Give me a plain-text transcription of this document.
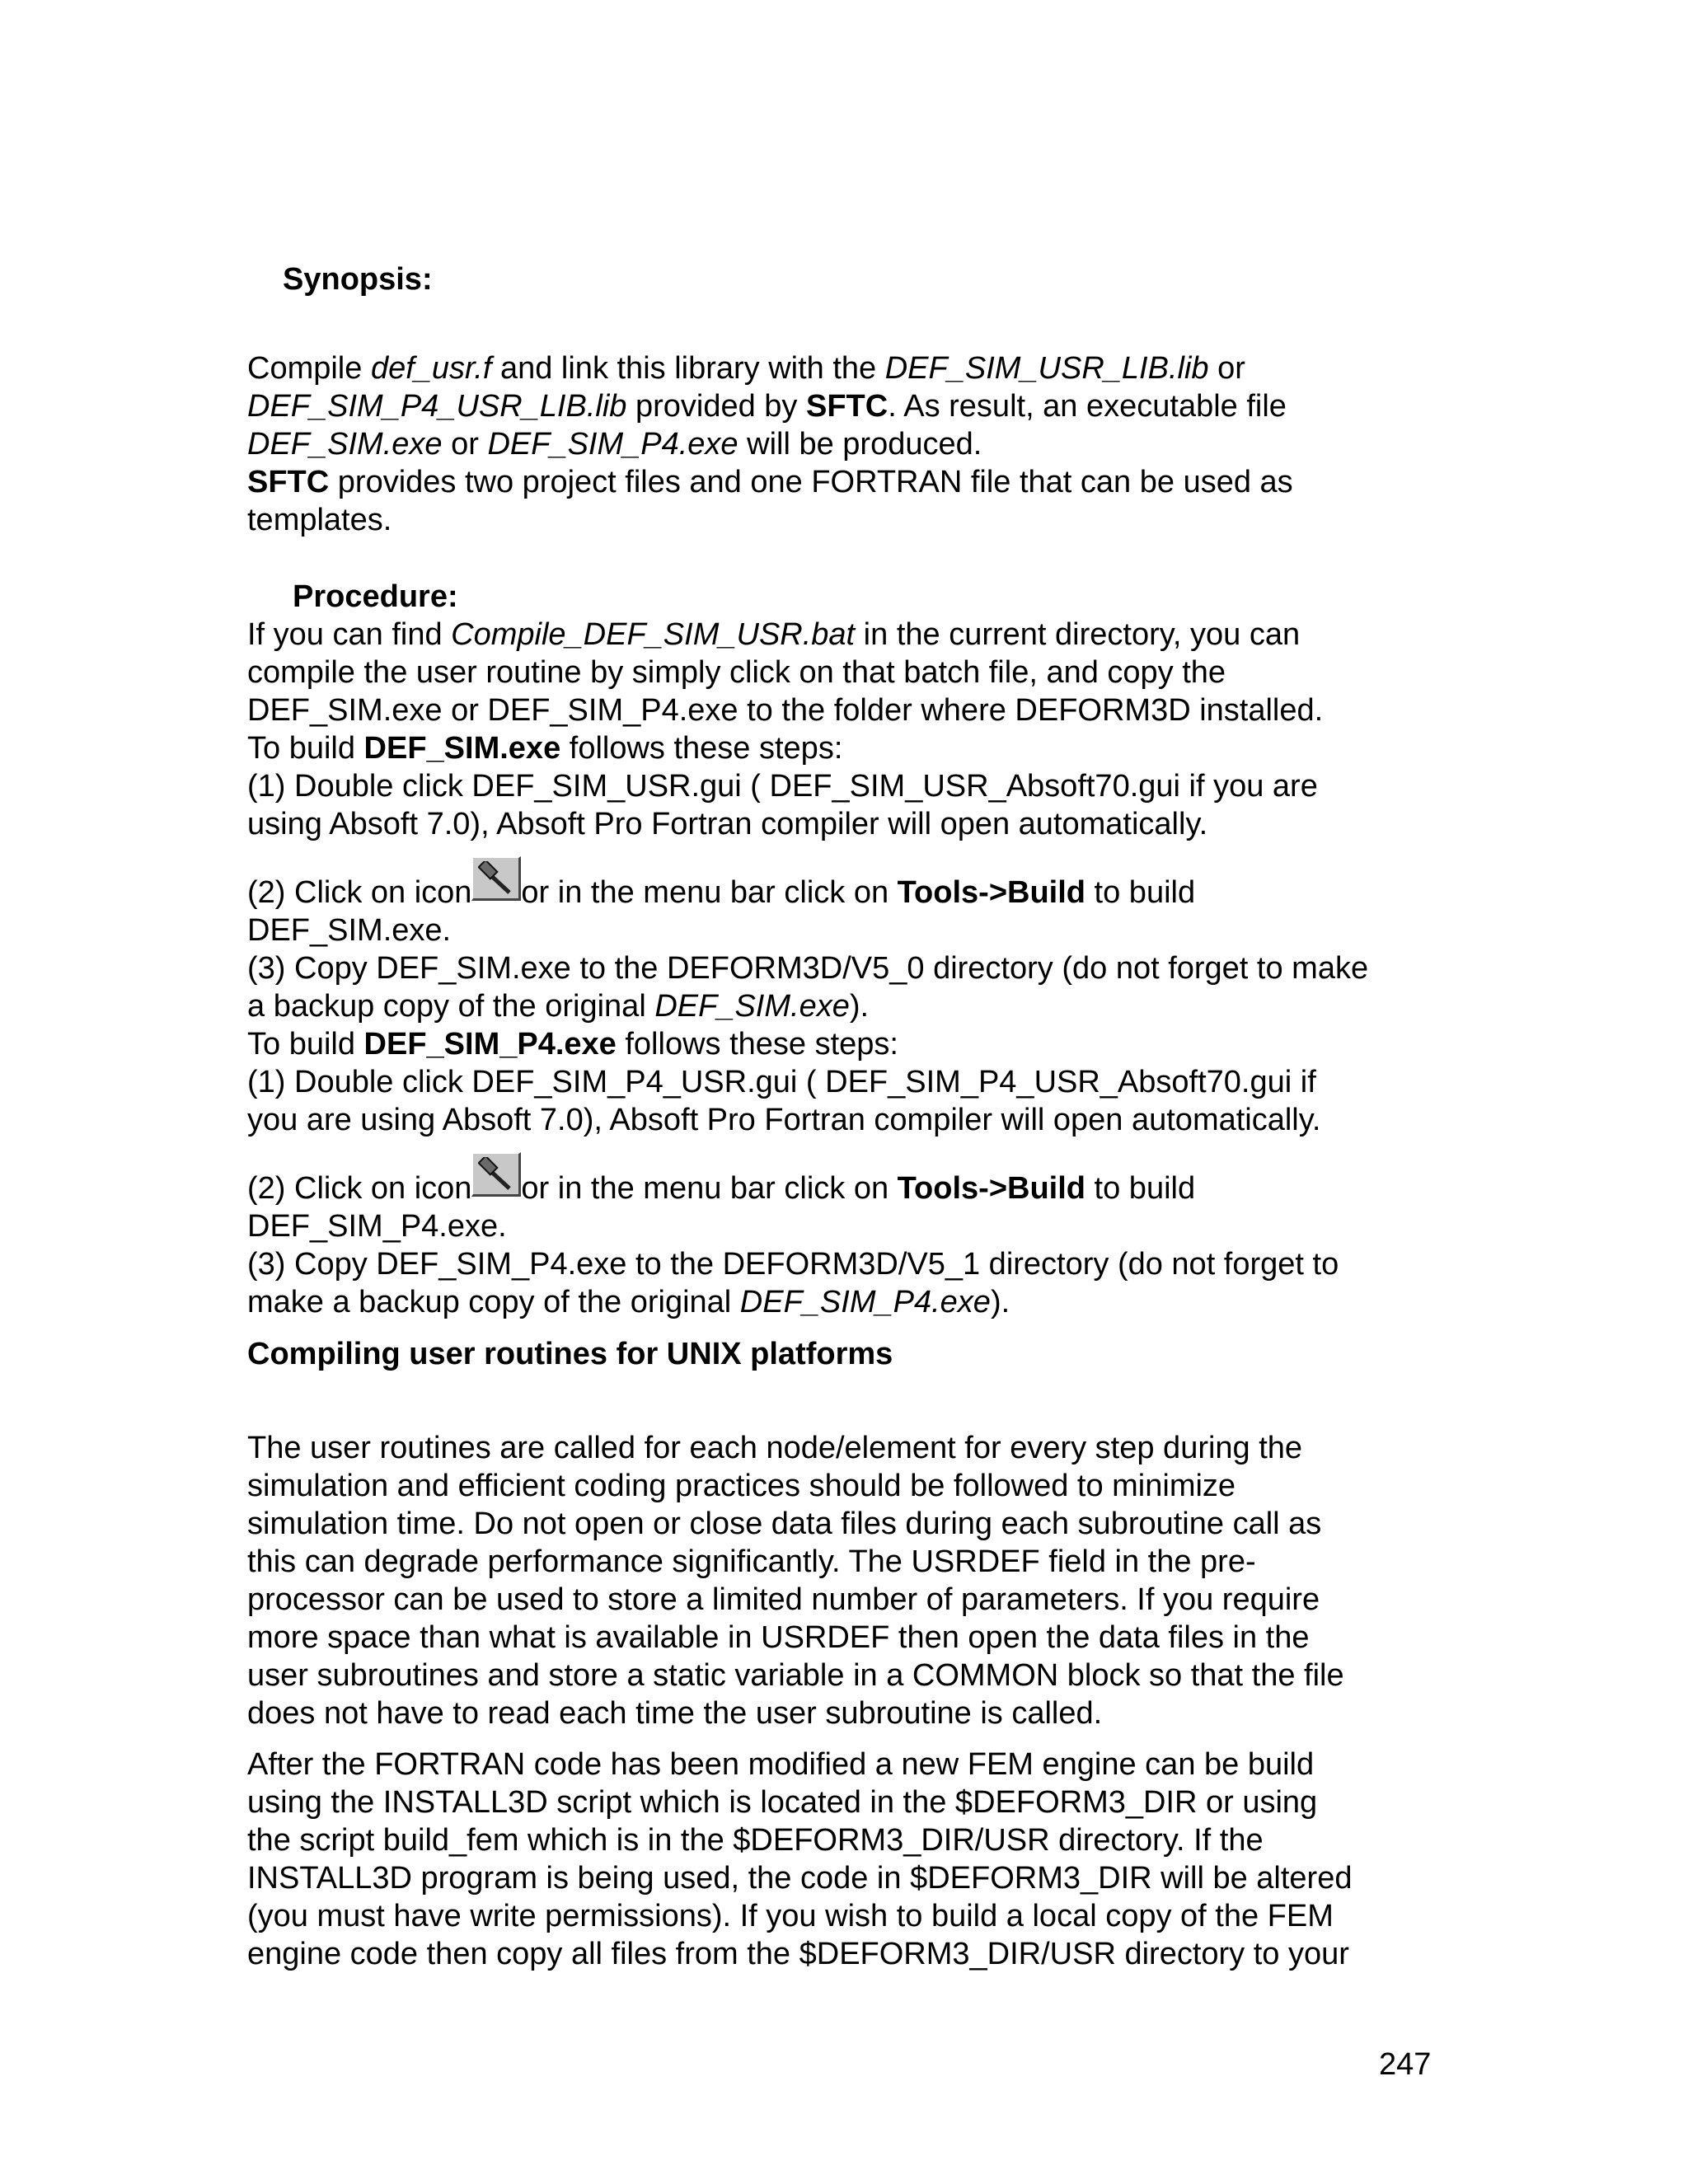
Synopsis:
Compile def_usr.f and link this library with the DEF_SIM_USR_LIB.lib or
DEF_SIM_P4_USR_LIB.lib provided by SFTC. As result, an executable file
DEF_SIM.exe or DEF_SIM_P4.exe will be produced.
SFTC provides two project files and one FORTRAN file that can be used as
templates.
Procedure:
If you can find Compile_DEF_SIM_USR.bat in the current directory, you can
compile the user routine by simply click on that batch file, and copy the
DEF_SIM.exe or DEF_SIM_P4.exe to the folder where DEFORM3D installed.
To build DEF_SIM.exe follows these steps:
(1) Double click DEF_SIM_USR.gui ( DEF_SIM_USR_Absoft70.gui if you are
using Absoft 7.0), Absoft Pro Fortran compiler will open automatically.
(2) Click on icon or in the menu bar click on Tools->Build to build
DEF_SIM.exe.
(3) Copy DEF_SIM.exe to the DEFORM3D/V5_0 directory (do not forget to make
a backup copy of the original DEF_SIM.exe).
To build DEF_SIM_P4.exe follows these steps:
(1) Double click DEF_SIM_P4_USR.gui ( DEF_SIM_P4_USR_Absoft70.gui if
you are using Absoft 7.0), Absoft Pro Fortran compiler will open automatically.
(2) Click on icon or in the menu bar click on Tools->Build to build
DEF_SIM_P4.exe.
(3) Copy DEF_SIM_P4.exe to the DEFORM3D/V5_1 directory (do not forget to
make a backup copy of the original DEF_SIM_P4.exe).
Compiling user routines for UNIX platforms
The user routines are called for each node/element for every step during the
simulation and efficient coding practices should be followed to minimize
simulation time. Do not open or close data files during each subroutine call as
this can degrade performance significantly. The USRDEF field in the pre-
processor can be used to store a limited number of parameters. If you require
more space than what is available in USRDEF then open the data files in the
user subroutines and store a static variable in a COMMON block so that the file
does not have to read each time the user subroutine is called.
After the FORTRAN code has been modified a new FEM engine can be build
using the INSTALL3D script which is located in the $DEFORM3_DIR or using
the script build_fem which is in the $DEFORM3_DIR/USR directory. If the
INSTALL3D program is being used, the code in $DEFORM3_DIR will be altered
(you must have write permissions). If you wish to build a local copy of the FEM
engine code then copy all files from the $DEFORM3_DIR/USR directory to your
247
